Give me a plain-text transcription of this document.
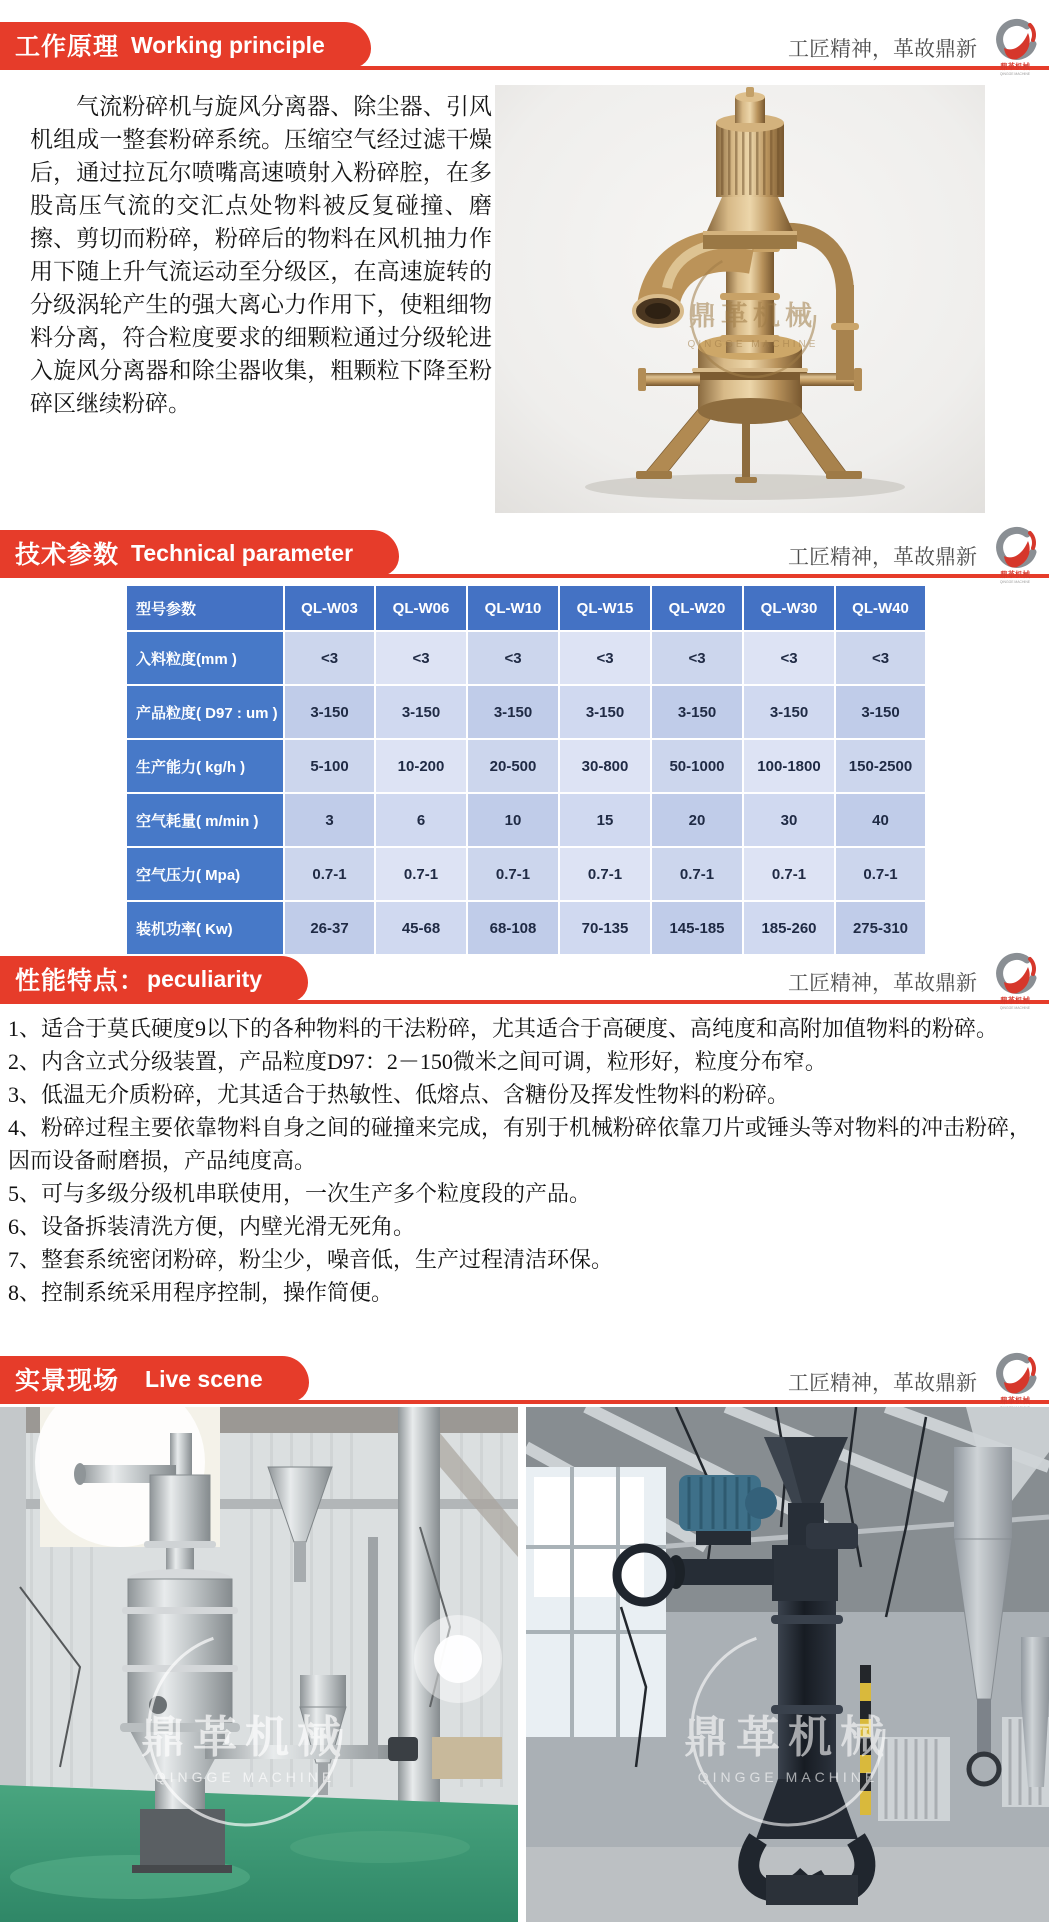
工作原理 Working principle	工匠精神，革故鼎新
鼎革机械
QINGGE MACHINE
气流粉碎机与旋风分离器、除尘器、引风机组成一整套粉碎系统。压缩空气经过滤干燥后，通过拉瓦尔喷嘴高速喷射入粉碎腔，在多股高压气流的交汇点处物料被反复碰撞、磨擦、剪切而粉碎，粉碎后的物料在风机抽力作用下随上升气流运动至分级区，在高速旋转的分级涡轮产生的强大离心力作用下，使粗细物料分离，符合粒度要求的细颗粒通过分级轮进入旋风分离器和除尘器收集，粗颗粒下降至粉碎区继续粉碎。
鼎革机械
QINGGE MACHINE
技术参数 Technical parameter	工匠精神，革故鼎新
鼎革机械
QINGGE MACHINE
型号参数	QL-W03	QL-W06	QL-W10	QL-W15	QL-W20	QL-W30	QL-W40
入料粒度(mm )	<3	<3	<3	<3	<3	<3	<3
产品粒度( D97 : um )	3-150	3-150	3-150	3-150	3-150	3-150	3-150
生产能力( kg/h )	5-100	10-200	20-500	30-800	50-1000	100-1800	150-2500
空气耗量( m/min )	3	6	10	15	20	30	40
空气压力( Mpa)	0.7-1	0.7-1	0.7-1	0.7-1	0.7-1	0.7-1	0.7-1
装机功率( Kw)	26-37	45-68	68-108	70-135	145-185	185-260	275-310
性能特点： peculiarity	工匠精神，革故鼎新
鼎革机械
QINGGE MACHINE
1、适合于莫氏硬度9以下的各种物料的干法粉碎，尤其适合于高硬度、高纯度和高附加值物料的粉碎。
2、内含立式分级装置，产品粒度D97：2－150微米之间可调，粒形好，粒度分布窄。
3、低温无介质粉碎，尤其适合于热敏性、低熔点、含糖份及挥发性物料的粉碎。
4、粉碎过程主要依靠物料自身之间的碰撞来完成，有别于机械粉碎依靠刀片或锤头等对物料的冲击粉碎，因而设备耐磨损，产品纯度高。
5、可与多级分级机串联使用，一次生产多个粒度段的产品。
6、设备拆装清洗方便，内壁光滑无死角。
7、整套系统密闭粉碎，粉尘少，噪音低，生产过程清洁环保。
8、控制系统采用程序控制，操作简便。
实景现场 Live scene	工匠精神，革故鼎新
鼎革机械
鼎革机械
QINGGE MACHINE
鼎革机械
QINGGE MACHINE
